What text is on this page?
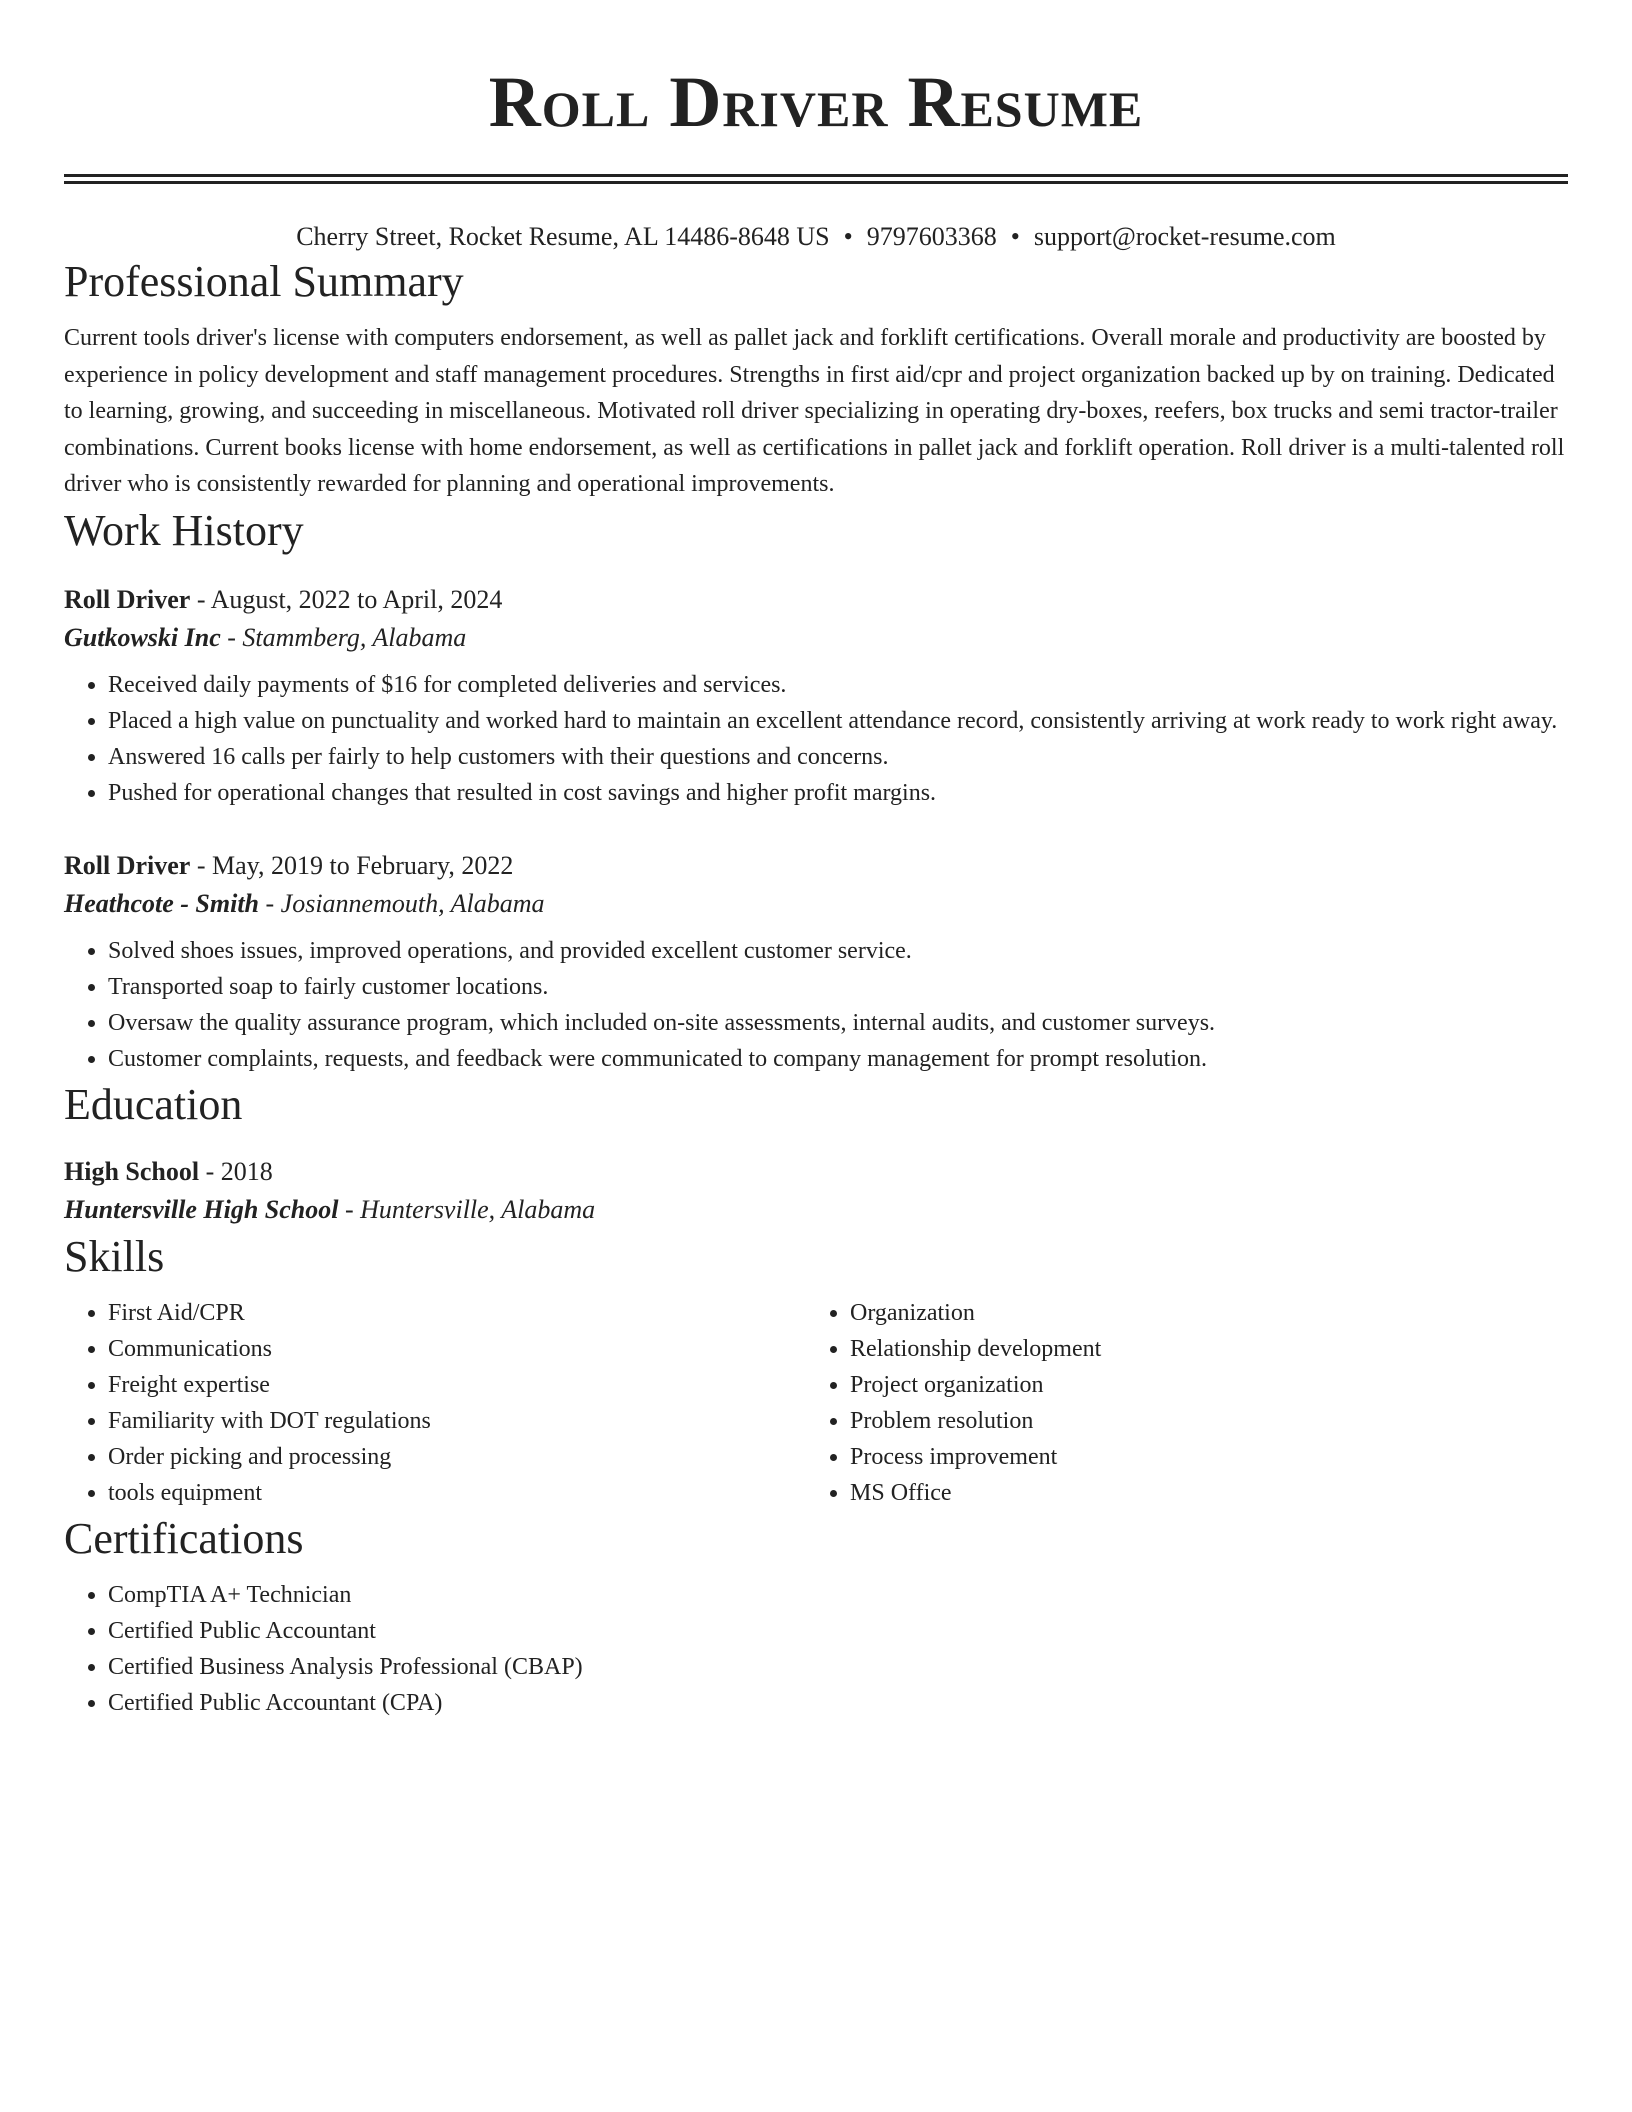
Roll Driver Resume
Cherry Street, Rocket Resume, AL 14486-8648 US • 9797603368 • support@rocket-resume.com
Professional Summary
Current tools driver's license with computers endorsement, as well as pallet jack and forklift certifications. Overall morale and productivity are boosted by experience in policy development and staff management procedures. Strengths in first aid/cpr and project organization backed up by on training. Dedicated to learning, growing, and succeeding in miscellaneous. Motivated roll driver specializing in operating dry-boxes, reefers, box trucks and semi tractor-trailer combinations. Current books license with home endorsement, as well as certifications in pallet jack and forklift operation. Roll driver is a multi-talented roll driver who is consistently rewarded for planning and operational improvements.
Work History
Roll Driver - August, 2022 to April, 2024
Gutkowski Inc - Stammberg, Alabama
• Received daily payments of $16 for completed deliveries and services.
• Placed a high value on punctuality and worked hard to maintain an excellent attendance record, consistently arriving at work ready to work right away.
• Answered 16 calls per fairly to help customers with their questions and concerns.
• Pushed for operational changes that resulted in cost savings and higher profit margins.
Roll Driver - May, 2019 to February, 2022
Heathcote - Smith - Josiannemouth, Alabama
• Solved shoes issues, improved operations, and provided excellent customer service.
• Transported soap to fairly customer locations.
• Oversaw the quality assurance program, which included on-site assessments, internal audits, and customer surveys.
• Customer complaints, requests, and feedback were communicated to company management for prompt resolution.
Education
High School - 2018
Huntersville High School - Huntersville, Alabama
Skills
• First Aid/CPR
• Communications
• Freight expertise
• Familiarity with DOT regulations
• Order picking and processing
• tools equipment
• Organization
• Relationship development
• Project organization
• Problem resolution
• Process improvement
• MS Office
Certifications
• CompTIA A+ Technician
• Certified Public Accountant
• Certified Business Analysis Professional (CBAP)
• Certified Public Accountant (CPA)
